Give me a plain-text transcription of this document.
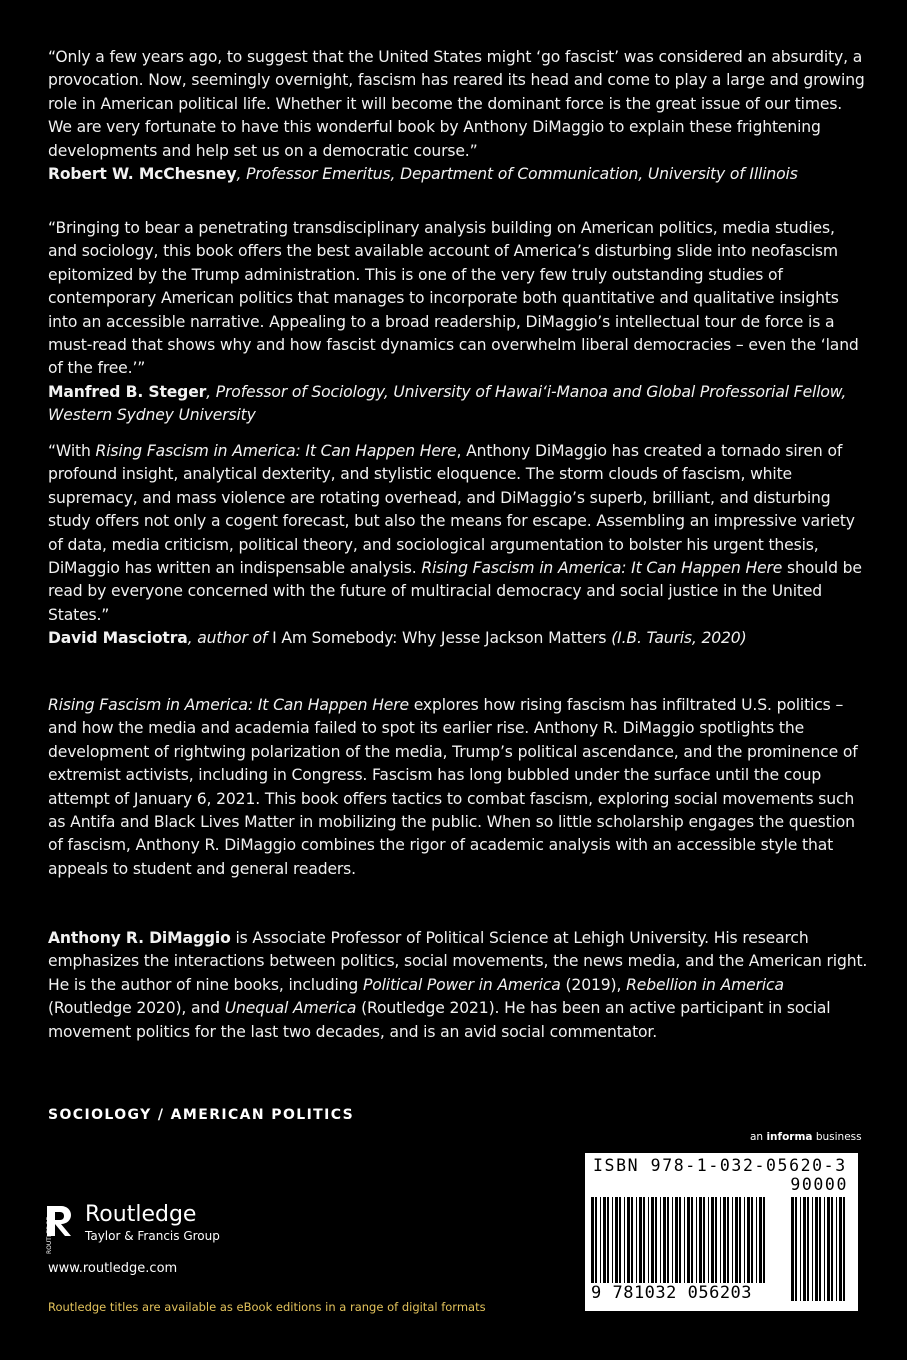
“Only a few years ago, to suggest that the United States might ‘go fascist’ was considered an absurdity, a provocation. Now, seemingly overnight, fascism has reared its head and come to play a large and growing role in American political life. Whether it will become the dominant force is the great issue of our times. We are very fortunate to have this wonderful book by Anthony DiMaggio to explain these frightening developments and help set us on a democratic course.”

Robert W. McChesney, Professor Emeritus, Department of Communication, University of Illinois

“Bringing to bear a penetrating transdisciplinary analysis building on American politics, media studies, and sociology, this book offers the best available account of America’s disturbing slide into neofascism epitomized by the Trump administration. This is one of the very few truly outstanding studies of contemporary American politics that manages to incorporate both quantitative and qualitative insights into an accessible narrative. Appealing to a broad readership, DiMaggio’s intellectual tour de force is a must-read that shows why and how fascist dynamics can overwhelm liberal democracies – even the ‘land of the free.’”

Manfred B. Steger, Professor of Sociology, University of Hawai‘i-Manoa and Global Professorial Fellow, Western Sydney University

“With Rising Fascism in America: It Can Happen Here, Anthony DiMaggio has created a tornado siren of profound insight, analytical dexterity, and stylistic eloquence. The storm clouds of fascism, white supremacy, and mass violence are rotating overhead, and DiMaggio’s superb, brilliant, and disturbing study offers not only a cogent forecast, but also the means for escape. Assembling an impressive variety of data, media criticism, political theory, and sociological argumentation to bolster his urgent thesis, DiMaggio has written an indispensable analysis. Rising Fascism in America: It Can Happen Here should be read by everyone concerned with the future of multiracial democracy and social justice in the United States.”

David Masciotra, author of I Am Somebody: Why Jesse Jackson Matters (I.B. Tauris, 2020)

Rising Fascism in America: It Can Happen Here explores how rising fascism has infiltrated U.S. politics – and how the media and academia failed to spot its earlier rise. Anthony R. DiMaggio spotlights the development of rightwing polarization of the media, Trump’s political ascendance, and the prominence of extremist activists, including in Congress. Fascism has long bubbled under the surface until the coup attempt of January 6, 2021. This book offers tactics to combat fascism, exploring social movements such as Antifa and Black Lives Matter in mobilizing the public. When so little scholarship engages the question of fascism, Anthony R. DiMaggio combines the rigor of academic analysis with an accessible style that appeals to student and general readers.

Anthony R. DiMaggio is Associate Professor of Political Science at Lehigh University. His research emphasizes the interactions between politics, social movements, the news media, and the American right. He is the author of nine books, including Political Power in America (2019), Rebellion in America (Routledge 2020), and Unequal America (Routledge 2021). He has been an active participant in social movement politics for the last two decades, and is an avid social commentator.

SOCIOLOGY / AMERICAN POLITICS
an informa business
ISBN 978-1-032-05620-3
90000
9 781032 056203
ROUTLEDGE
Routledge
Taylor & Francis Group
www.routledge.com
Routledge titles are available as eBook editions in a range of digital formats
